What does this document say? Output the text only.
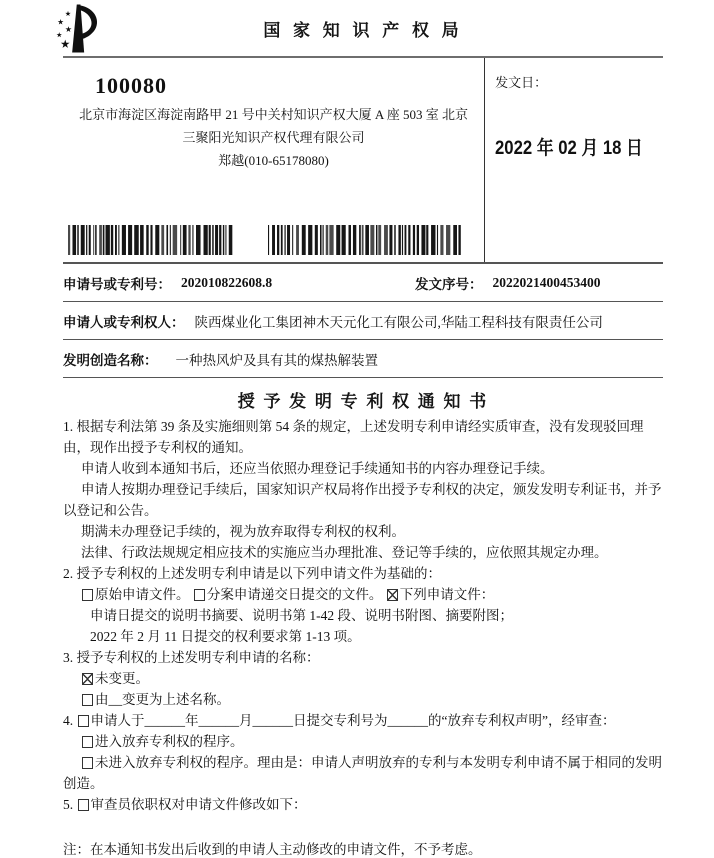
国 家 知 识 产 权 局
100080
北京市海淀区海淀南路甲 21 号中关村知识产权大厦 A 座 503 室 北京
三聚阳光知识产权代理有限公司
郑越(010-65178080)
发文日：
2022 年 02 月 18 日
申请号或专利号： 202010822608.8	发文序号： 2022021400453400
申请人或专利权人： 陕西煤业化工集团神木天元化工有限公司,华陆工程科技有限责任公司
发明创造名称： 一种热风炉及具有其的煤热解装置
授 予 发 明 专 利 权 通 知 书

1. 根据专利法第 39 条及实施细则第 54 条的规定，上述发明专利申请经实质审查，没有发现驳回理由，现作出授予专利权的通知。

申请人收到本通知书后，还应当依照办理登记手续通知书的内容办理登记手续。

申请人按期办理登记手续后，国家知识产权局将作出授予专利权的决定，颁发发明专利证书，并予以登记和公告。

期满未办理登记手续的，视为放弃取得专利权的权利。

法律、行政法规规定相应技术的实施应当办理批准、登记等手续的，应依照其规定办理。

2. 授予专利权的上述发明专利申请是以下列申请文件为基础的：

原始申请文件。 分案申请递交日提交的文件。 下列申请文件：

申请日提交的说明书摘要、说明书第 1-42 段、说明书附图、摘要附图；

2022 年 2 月 11 日提交的权利要求第 1-13 项。

3. 授予专利权的上述发明专利申请的名称：

未变更。

由__变更为上述名称。

4. 申请人于______年______月______日提交专利号为______的“放弃专利权声明”，经审查：

进入放弃专利权的程序。

未进入放弃专利权的程序。理由是：申请人声明放弃的专利与本发明专利申请不属于相同的发明创造。

5. 审查员依职权对申请文件修改如下：

注：在本通知书发出后收到的申请人主动修改的申请文件，不予考虑。
